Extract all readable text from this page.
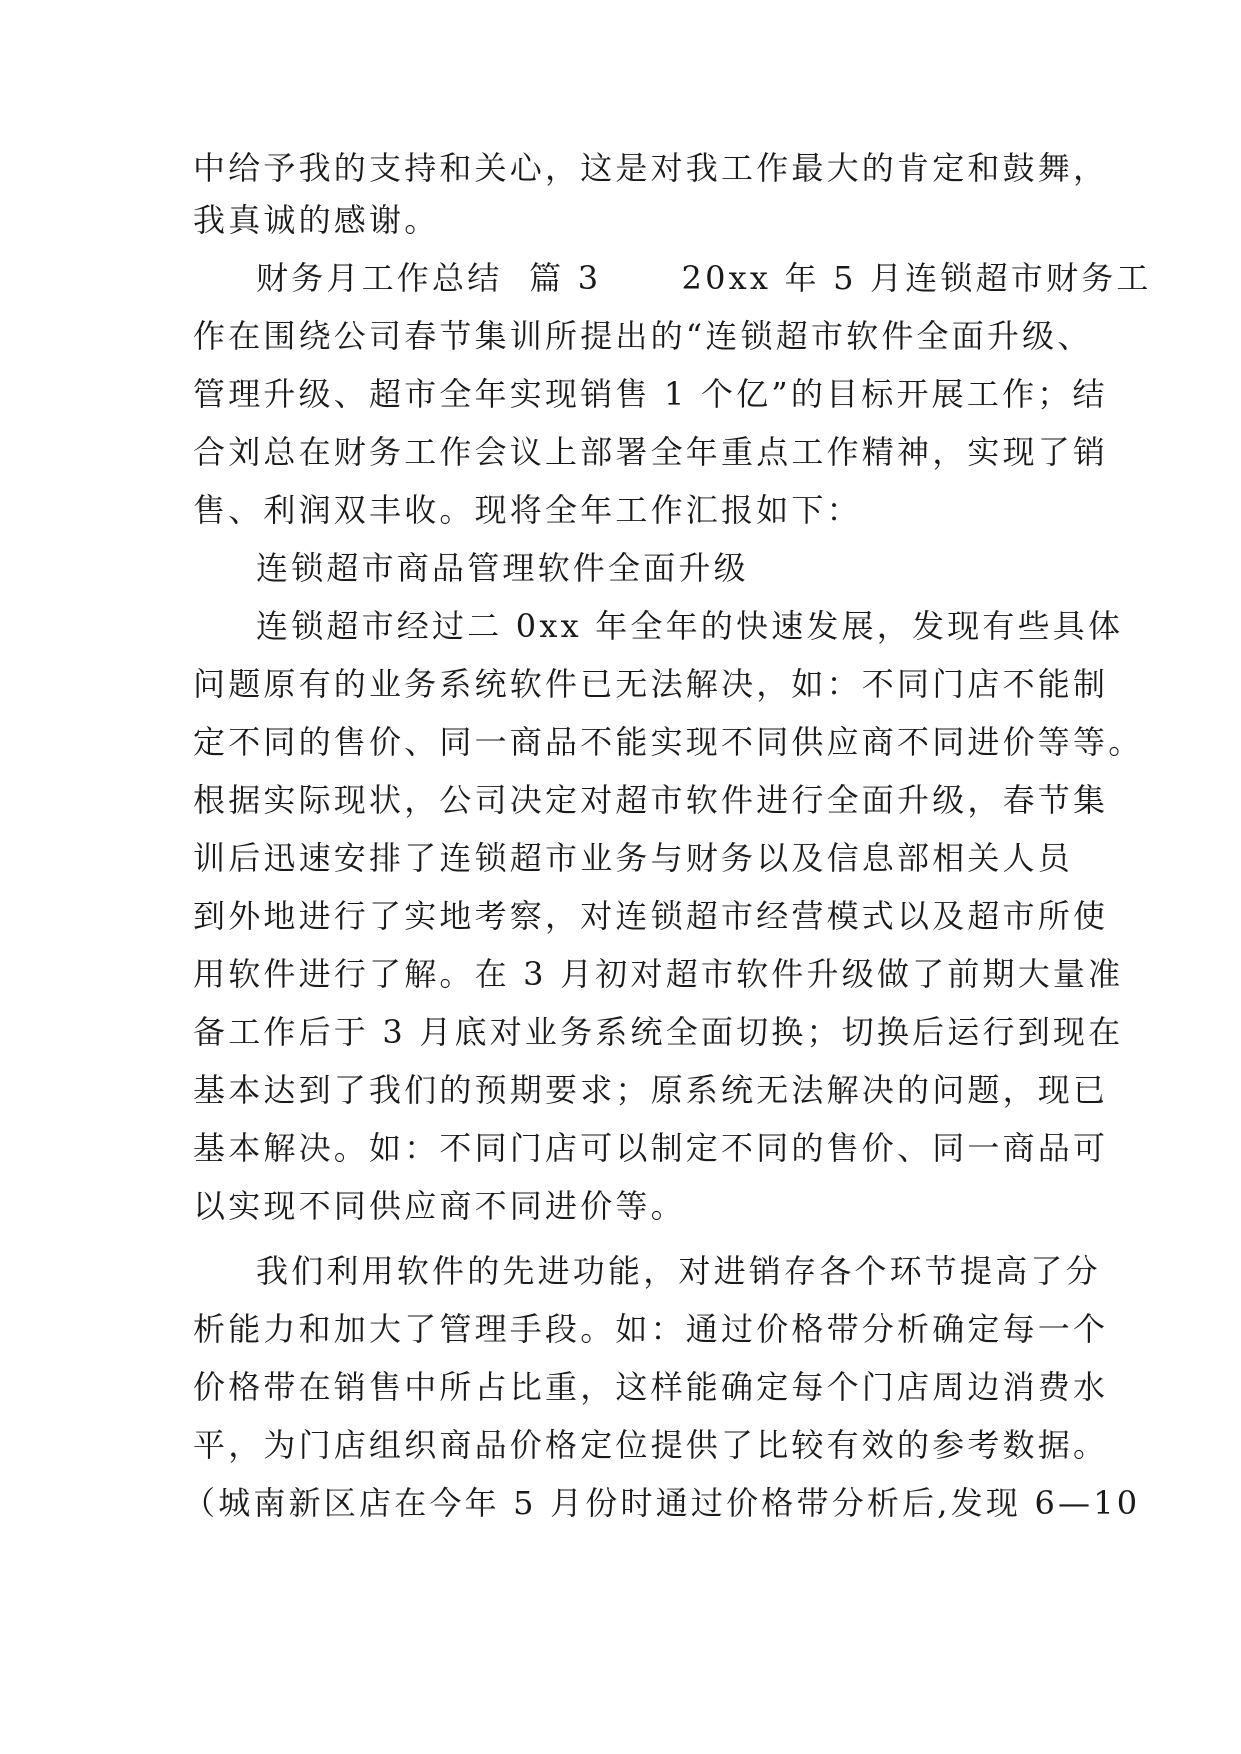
中给予我的支持和关心，这是对我工作最大的肯定和鼓舞，
我真诚的感谢。
财务月工作总结  篇 3      20xx 年 5 月连锁超市财务工
作在围绕公司春节集训所提出的“连锁超市软件全面升级、
管理升级、超市全年实现销售 1 个亿”的目标开展工作；结
合刘总在财务工作会议上部署全年重点工作精神，实现了销
售、利润双丰收。现将全年工作汇报如下：
连锁超市商品管理软件全面升级
连锁超市经过二 0xx 年全年的快速发展，发现有些具体
问题原有的业务系统软件已无法解决，如：不同门店不能制
定不同的售价、同一商品不能实现不同供应商不同进价等等。
根据实际现状，公司决定对超市软件进行全面升级，春节集
训后迅速安排了连锁超市业务与财务以及信息部相关人员
到外地进行了实地考察，对连锁超市经营模式以及超市所使
用软件进行了解。在 3 月初对超市软件升级做了前期大量准
备工作后于 3 月底对业务系统全面切换；切换后运行到现在
基本达到了我们的预期要求；原系统无法解决的问题，现已
基本解决。如：不同门店可以制定不同的售价、同一商品可
以实现不同供应商不同进价等。
我们利用软件的先进功能，对进销存各个环节提高了分
析能力和加大了管理手段。如：通过价格带分析确定每一个
价格带在销售中所占比重，这样能确定每个门店周边消费水
平，为门店组织商品价格定位提供了比较有效的参考数据。
（城南新区店在今年 5 月份时通过价格带分析后,发现 6—10
